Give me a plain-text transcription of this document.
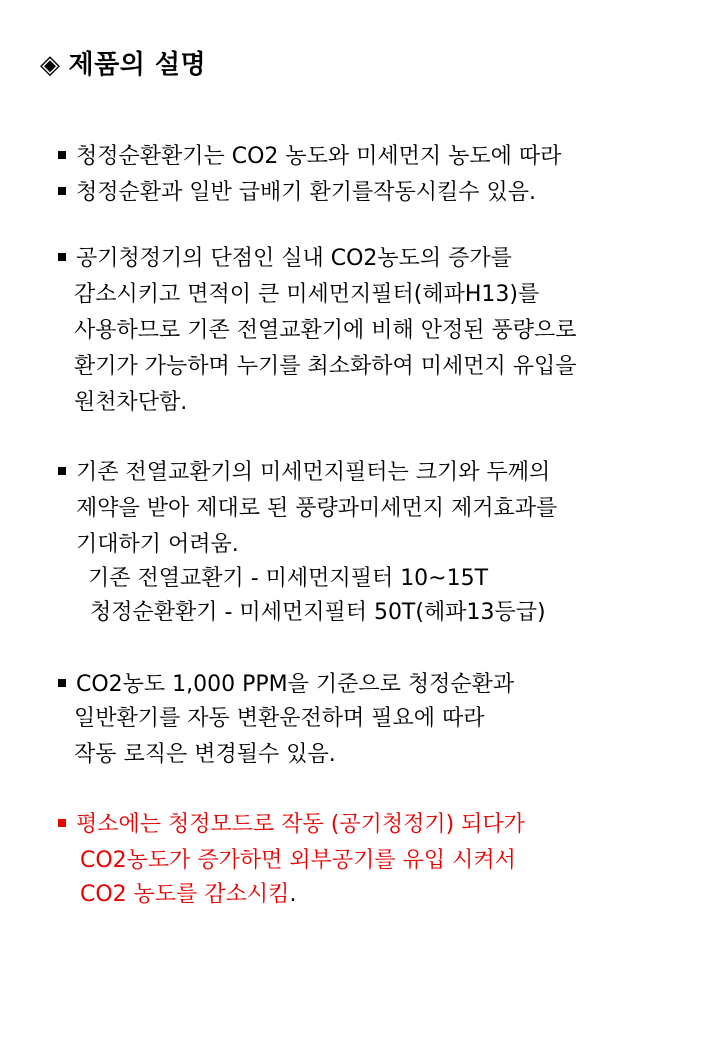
◈ 제품의 설명
청정순환환기는 CO2 농도와 미세먼지 농도에 따라
청정순환과 일반 급배기 환기를작동시킬수 있음.
공기청정기의 단점인 실내 CO2농도의 증가를
감소시키고 면적이 큰 미세먼지필터(헤파H13)를
사용하므로 기존 전열교환기에 비해 안정된 풍량으로
환기가 가능하며 누기를 최소화하여 미세먼지 유입을
원천차단함.
기존 전열교환기의 미세먼지필터는 크기와 두께의
제약을 받아 제대로 된 풍량과미세먼지 제거효과를
기대하기 어려움.
기존 전열교환기 - 미세먼지필터 10~15T
청정순환환기 - 미세먼지필터 50T(헤파13등급)
CO2농도 1,000 PPM을 기준으로 청정순환과
일반환기를 자동 변환운전하며 필요에 따라
작동 로직은 변경될수 있음.
평소에는 청정모드로 작동 (공기청정기) 되다가
CO2농도가 증가하면 외부공기를 유입 시켜서
CO2 농도를 감소시킴.
